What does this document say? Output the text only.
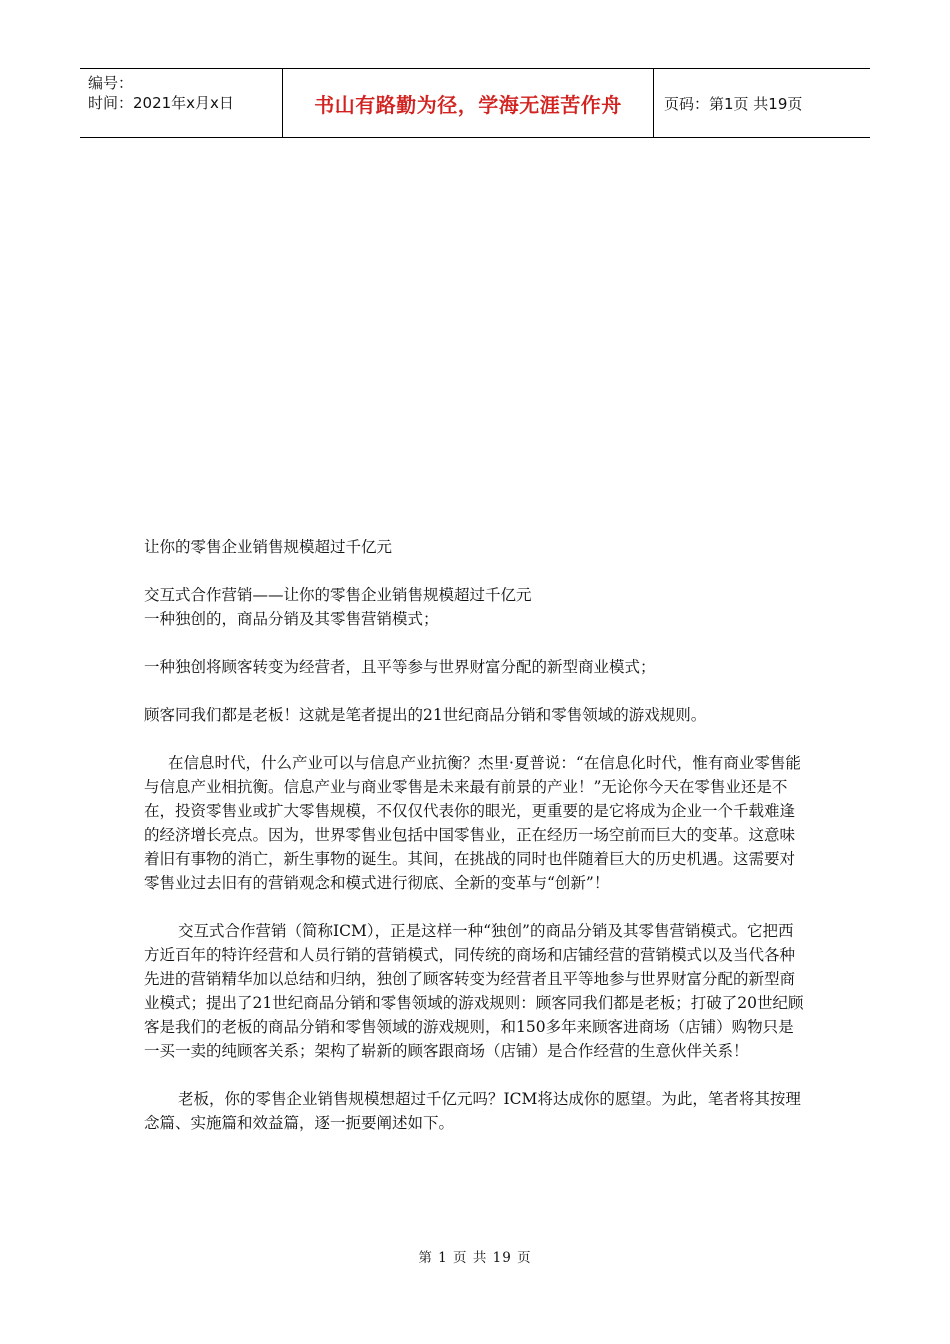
编号：
时间：2021年x月x日	书山有路勤为径，学海无涯苦作舟	页码：第1页 共19页

让你的零售企业销售规模超过千亿元

交互式合作营销——让你的零售企业销售规模超过千亿元

一种独创的，商品分销及其零售营销模式；

一种独创将顾客转变为经营者，且平等参与世界财富分配的新型商业模式；

顾客同我们都是老板！这就是笔者提出的21世纪商品分销和零售领域的游戏规则。

在信息时代，什么产业可以与信息产业抗衡？杰里·夏普说：“在信息化时代，惟有商业零售能与信息产业相抗衡。信息产业与商业零售是未来最有前景的产业！”无论你今天在零售业还是不在，投资零售业或扩大零售规模，不仅仅代表你的眼光，更重要的是它将成为企业一个千载难逢的经济增长亮点。因为，世界零售业包括中国零售业，正在经历一场空前而巨大的变革。这意味着旧有事物的消亡，新生事物的诞生。其间，在挑战的同时也伴随着巨大的历史机遇。这需要对零售业过去旧有的营销观念和模式进行彻底、全新的变革与“创新”！

交互式合作营销（简称ICM），正是这样一种“独创”的商品分销及其零售营销模式。它把西方近百年的特许经营和人员行销的营销模式，同传统的商场和店铺经营的营销模式以及当代各种先进的营销精华加以总结和归纳，独创了顾客转变为经营者且平等地参与世界财富分配的新型商业模式；提出了21世纪商品分销和零售领域的游戏规则：顾客同我们都是老板；打破了20世纪顾客是我们的老板的商品分销和零售领域的游戏规则，和150多年来顾客进商场（店铺）购物只是一买一卖的纯顾客关系；架构了崭新的顾客跟商场（店铺）是合作经营的生意伙伴关系！

老板，你的零售企业销售规模想超过千亿元吗？ICM将达成你的愿望。为此，笔者将其按理念篇、实施篇和效益篇，逐一扼要阐述如下。

第 1 页 共 19 页
